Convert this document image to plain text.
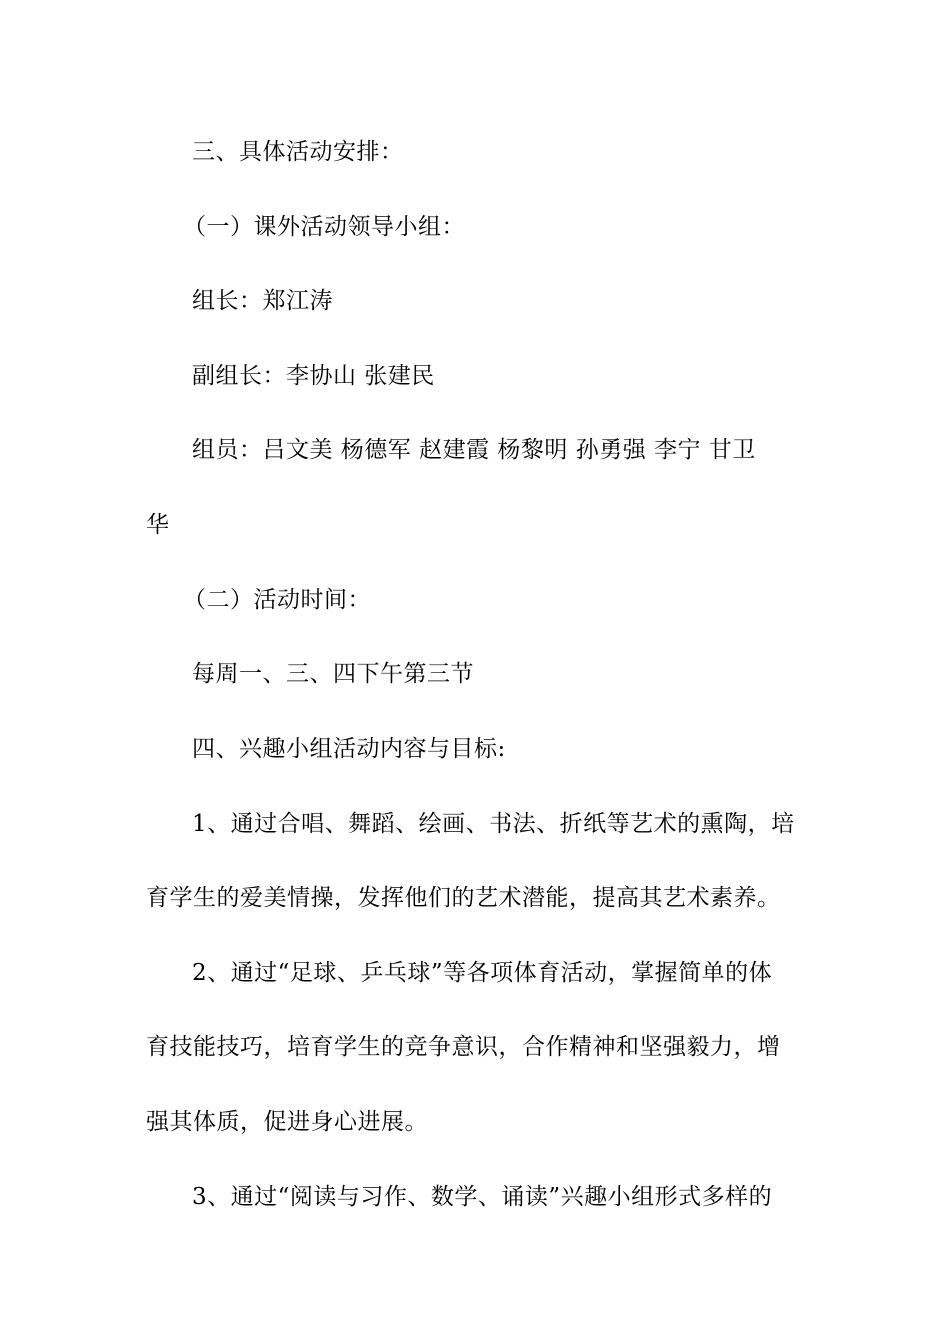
三、具体活动安排：
（一）课外活动领导小组：
组长：郑江涛
副组长：李协山 张建民
组员：吕文美 杨德军 赵建霞 杨黎明 孙勇强 李宁 甘卫
华
（二）活动时间：
每周一、三、四下午第三节
四、兴趣小组活动内容与目标:
1、通过合唱、舞蹈、绘画、书法、折纸等艺术的熏陶，培
育学生的爱美情操，发挥他们的艺术潜能，提高其艺术素养。
2、通过“足球、乒乓球”等各项体育活动，掌握简单的体
育技能技巧，培育学生的竞争意识，合作精神和坚强毅力，增
强其体质，促进身心进展。
3、通过“阅读与习作、数学、诵读”兴趣小组形式多样的
